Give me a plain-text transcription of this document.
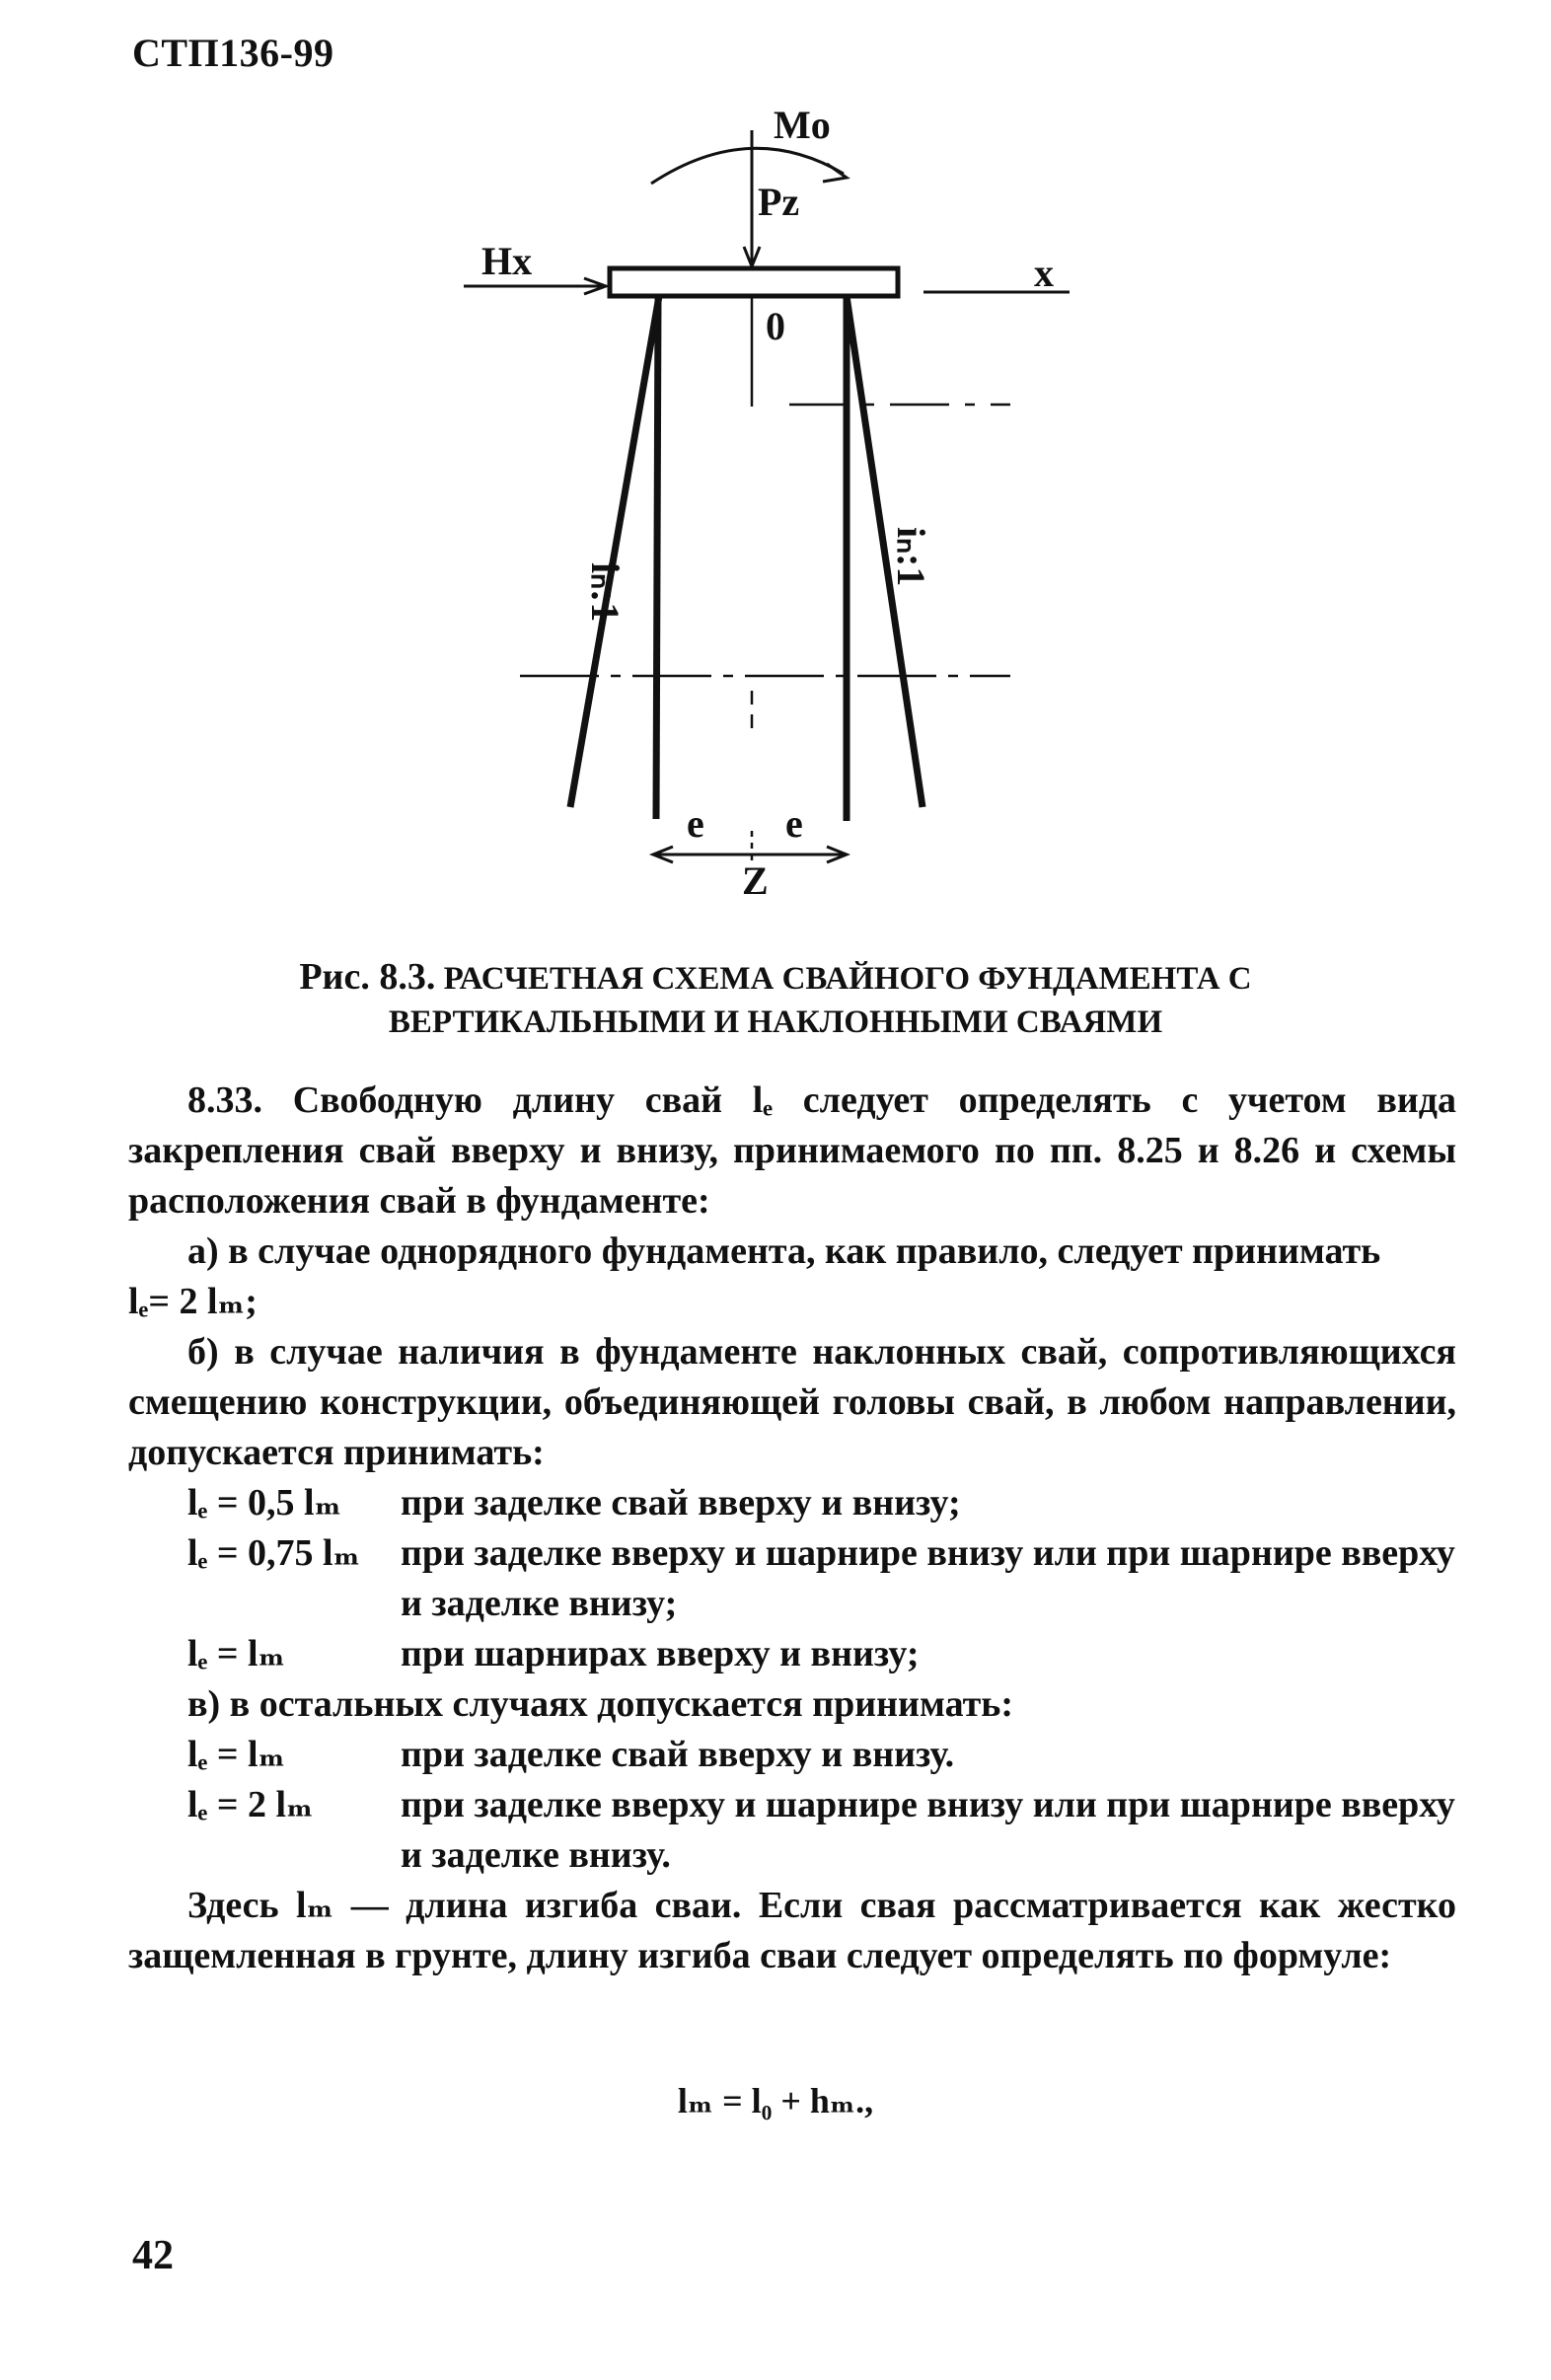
СТП136-99
Mo
Pz
Hx	x
0
iₙ:1
iₙ:1
e e
Z
Рис. 8.3. РАСЧЕТНАЯ СХЕМА СВАЙНОГО ФУНДАМЕНТА С
ВЕРТИКАЛЬНЫМИ И НАКЛОННЫМИ СВАЯМИ

8.33. Свободную длину свай lₑ следует определять с учетом вида закрепления свай вверху и внизу, принимаемого по пп. 8.25 и 8.26 и схемы расположения свай в фундаменте:

а) в случае однорядного фундамента, как правило, следует принимать

lₑ= 2 lₘ;

б) в случае наличия в фундаменте наклонных свай, сопротивляющихся смещению конструкции, объединяющей головы свай, в любом направлении, допускается принимать:

lₑ = 0,5 lₘ	при заделке свай вверху и внизу;
lₑ = 0,75 lₘ	при заделке вверху и шарнире внизу или при шарнире вверху и заделке внизу;
lₑ = lₘ	при шарнирах вверху и внизу;

в) в остальных случаях допускается принимать:

lₑ = lₘ	при заделке свай вверху и внизу.
lₑ = 2 lₘ	при заделке вверху и шарнире внизу или при шарнире вверху и заделке внизу.

Здесь lₘ — длина изгиба сваи. Если свая рассматривается как жестко защемленная в грунте, длину изгиба сваи следует определять по формуле:

lₘ = l₀ + hₘ.,
42
